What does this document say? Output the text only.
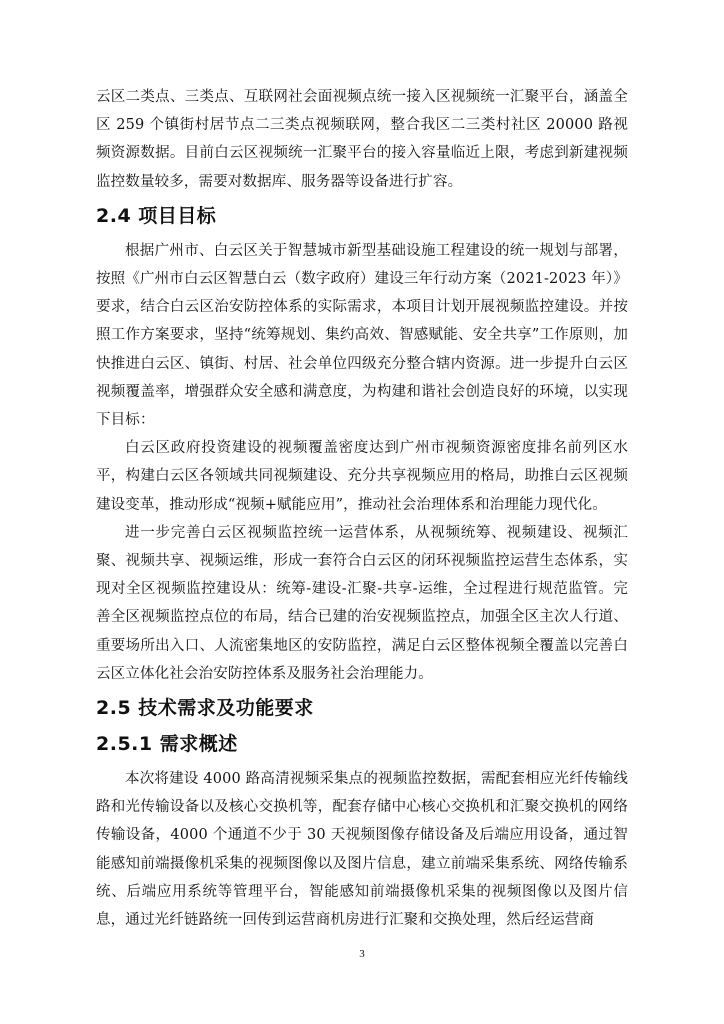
云区二类点、三类点、互联网社会面视频点统一接入区视频统一汇聚平台，涵盖全区 259 个镇街村居节点二三类点视频联网，整合我区二三类村社区 20000 路视频资源数据。目前白云区视频统一汇聚平台的接入容量临近上限，考虑到新建视频监控数量较多，需要对数据库、服务器等设备进行扩容。

2.4 项目目标

根据广州市、白云区关于智慧城市新型基础设施工程建设的统一规划与部署，按照《广州市白云区智慧白云（数字政府）建设三年行动方案（2021-2023 年）》要求，结合白云区治安防控体系的实际需求，本项目计划开展视频监控建设。并按照工作方案要求，坚持“统筹规划、集约高效、智感赋能、安全共享”工作原则，加快推进白云区、镇街、村居、社会单位四级充分整合辖内资源。进一步提升白云区视频覆盖率，增强群众安全感和满意度，为构建和谐社会创造良好的环境，以实现下目标：

白云区政府投资建设的视频覆盖密度达到广州市视频资源密度排名前列区水平，构建白云区各领域共同视频建设、充分共享视频应用的格局，助推白云区视频建设变革，推动形成“视频+赋能应用”，推动社会治理体系和治理能力现代化。

进一步完善白云区视频监控统一运营体系，从视频统筹、视频建设、视频汇聚、视频共享、视频运维，形成一套符合白云区的闭环视频监控运营生态体系，实现对全区视频监控建设从：统筹-建设-汇聚-共享-运维，全过程进行规范监管。完善全区视频监控点位的布局，结合已建的治安视频监控点，加强全区主次人行道、重要场所出入口、人流密集地区的安防监控，满足白云区整体视频全覆盖以完善白云区立体化社会治安防控体系及服务社会治理能力。

2.5 技术需求及功能要求
2.5.1 需求概述

本次将建设 4000 路高清视频采集点的视频监控数据，需配套相应光纤传输线路和光传输设备以及核心交换机等，配套存储中心核心交换机和汇聚交换机的网络传输设备，4000 个通道不少于 30 天视频图像存储设备及后端应用设备，通过智能感知前端摄像机采集的视频图像以及图片信息，建立前端采集系统、网络传输系统、后端应用系统等管理平台，智能感知前端摄像机采集的视频图像以及图片信息，通过光纤链路统一回传到运营商机房进行汇聚和交换处理，然后经运营商

3
